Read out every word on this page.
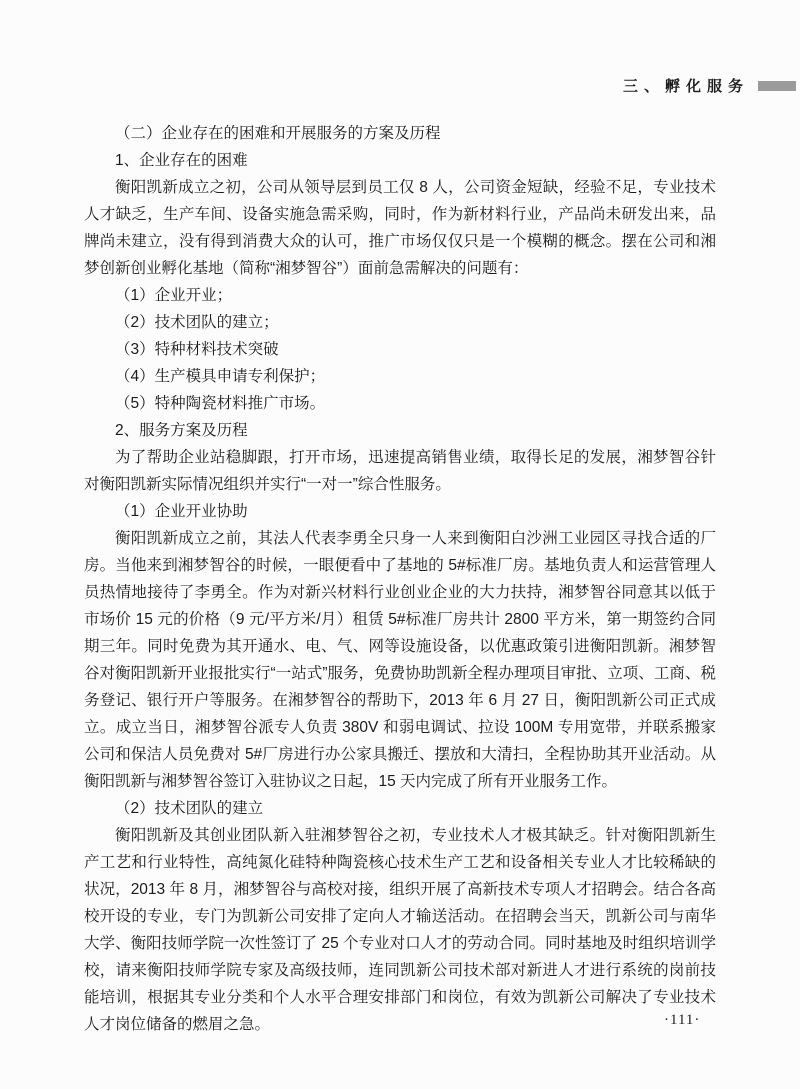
三、孵化服务

（二）企业存在的困难和开展服务的方案及历程

1、企业存在的困难

衡阳凯新成立之初，公司从领导层到员工仅 8 人，公司资金短缺，经验不足，专业技术人才缺乏，生产车间、设备实施急需采购，同时，作为新材料行业，产品尚未研发出来，品牌尚未建立，没有得到消费大众的认可，推广市场仅仅只是一个模糊的概念。摆在公司和湘梦创新创业孵化基地（简称“湘梦智谷”）面前急需解决的问题有：

（1）企业开业；

（2）技术团队的建立；

（3）特种材料技术突破

（4）生产模具申请专利保护；

（5）特种陶瓷材料推广市场。

2、服务方案及历程

为了帮助企业站稳脚跟，打开市场，迅速提高销售业绩，取得长足的发展，湘梦智谷针对衡阳凯新实际情况组织并实行“一对一”综合性服务。

（1）企业开业协助

衡阳凯新成立之前，其法人代表李勇全只身一人来到衡阳白沙洲工业园区寻找合适的厂房。当他来到湘梦智谷的时候，一眼便看中了基地的 5#标准厂房。基地负责人和运营管理人员热情地接待了李勇全。作为对新兴材料行业创业企业的大力扶持，湘梦智谷同意其以低于市场价 15 元的价格（9 元/平方米/月）租赁 5#标准厂房共计 2800 平方米，第一期签约合同期三年。同时免费为其开通水、电、气、网等设施设备，以优惠政策引进衡阳凯新。湘梦智谷对衡阳凯新开业报批实行“一站式”服务，免费协助凯新全程办理项目审批、立项、工商、税务登记、银行开户等服务。在湘梦智谷的帮助下，2013 年 6 月 27 日，衡阳凯新公司正式成立。成立当日，湘梦智谷派专人负责 380V 和弱电调试、拉设 100M 专用宽带，并联系搬家公司和保洁人员免费对 5#厂房进行办公家具搬迁、摆放和大清扫，全程协助其开业活动。从衡阳凯新与湘梦智谷签订入驻协议之日起，15 天内完成了所有开业服务工作。

（2）技术团队的建立

衡阳凯新及其创业团队新入驻湘梦智谷之初，专业技术人才极其缺乏。针对衡阳凯新生产工艺和行业特性，高纯氮化硅特种陶瓷核心技术生产工艺和设备相关专业人才比较稀缺的状况，2013 年 8 月，湘梦智谷与高校对接，组织开展了高新技术专项人才招聘会。结合各高校开设的专业，专门为凯新公司安排了定向人才输送活动。在招聘会当天，凯新公司与南华大学、衡阳技师学院一次性签订了 25 个专业对口人才的劳动合同。同时基地及时组织培训学校，请来衡阳技师学院专家及高级技师，连同凯新公司技术部对新进人才进行系统的岗前技能培训，根据其专业分类和个人水平合理安排部门和岗位，有效为凯新公司解决了专业技术人才岗位储备的燃眉之急。	·111·
